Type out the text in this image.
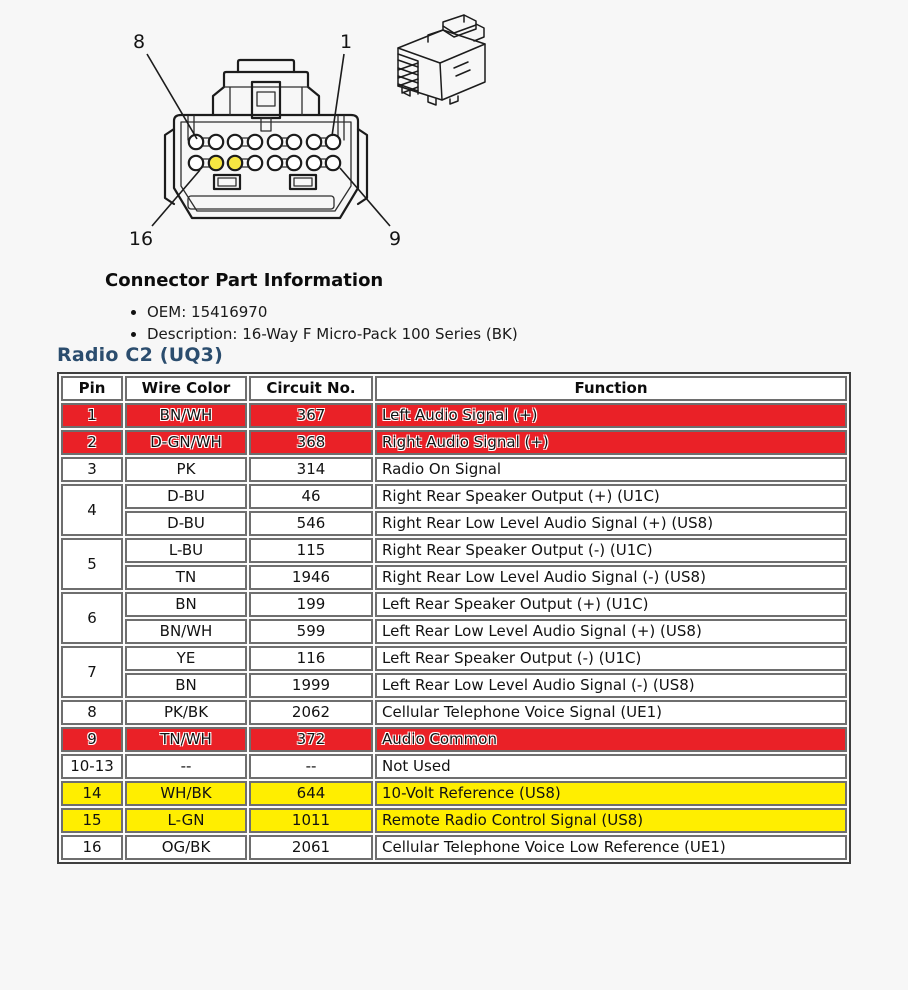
8	1
16	9
Connector Part Information
OEM: 15416970
Description: 16-Way F Micro-Pack 100 Series (BK)
Radio C2 (UQ3)
Pin	Wire Color	Circuit No.	Function
1	BN/WH	367	Left Audio Signal (+)
2	D-GN/WH	368	Right Audio Signal (+)
3	PK	314	Radio On Signal
4	D-BU	46	Right Rear Speaker Output (+) (U1C)
	D-BU	546	Right Rear Low Level Audio Signal (+) (US8)
5	L-BU	115	Right Rear Speaker Output (-) (U1C)
	TN	1946	Right Rear Low Level Audio Signal (-) (US8)
6	BN	199	Left Rear Speaker Output (+) (U1C)
	BN/WH	599	Left Rear Low Level Audio Signal (+) (US8)
7	YE	116	Left Rear Speaker Output (-) (U1C)
	BN	1999	Left Rear Low Level Audio Signal (-) (US8)
8	PK/BK	2062	Cellular Telephone Voice Signal (UE1)
9	TN/WH	372	Audio Common
10-13	--	--	Not Used
14	WH/BK	644	10-Volt Reference (US8)
15	L-GN	1011	Remote Radio Control Signal (US8)
16	OG/BK	2061	Cellular Telephone Voice Low Reference (UE1)
